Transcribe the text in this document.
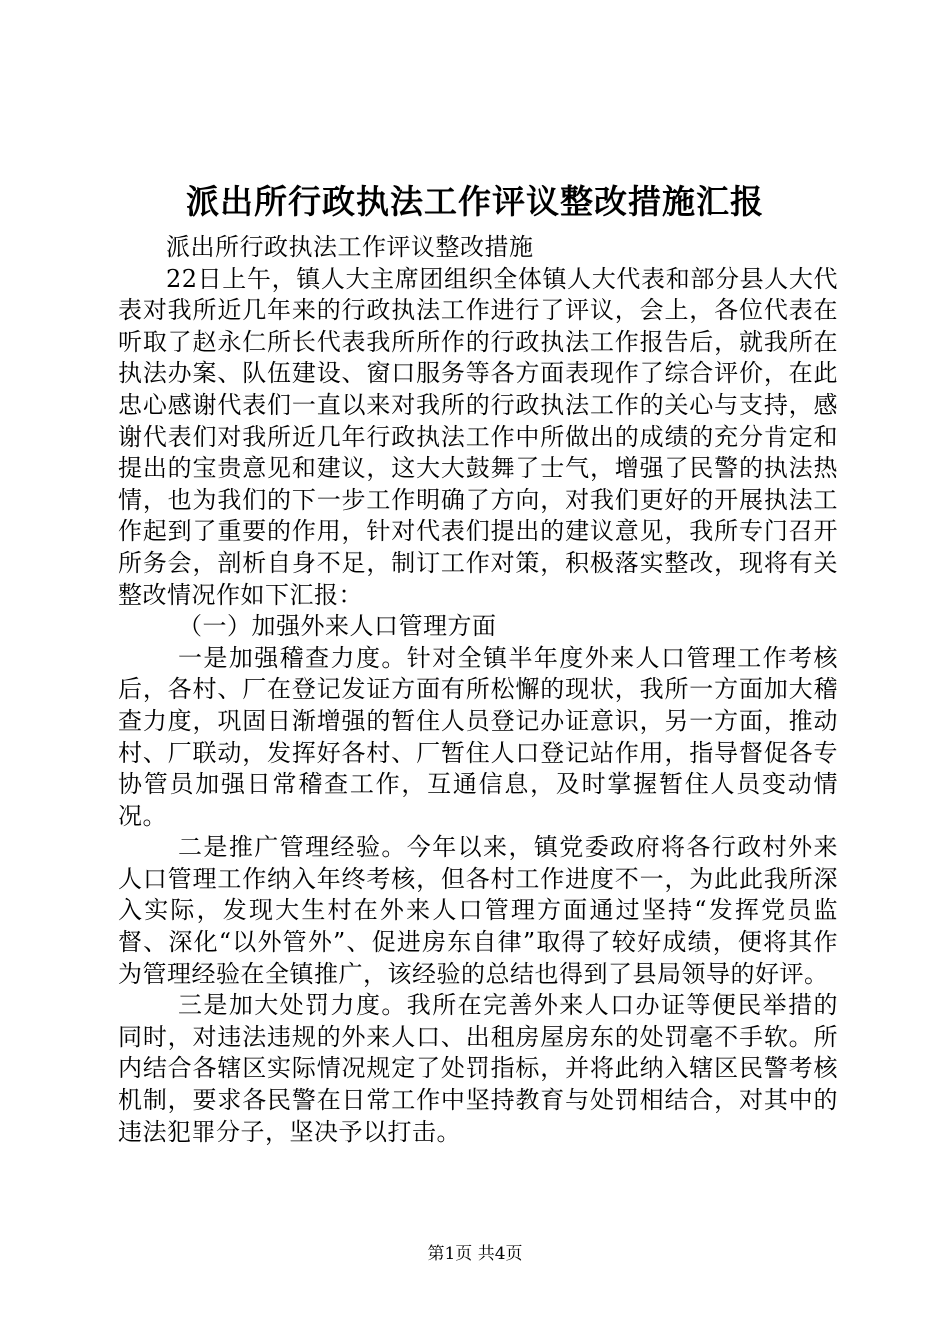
派出所行政执法工作评议整改措施汇报

派出所行政执法工作评议整改措施

22日上午，镇人大主席团组织全体镇人大代表和部分县人大代表对我所近几年来的行政执法工作进行了评议，会上，各位代表在听取了赵永仁所长代表我所所作的行政执法工作报告后，就我所在执法办案、队伍建设、窗口服务等各方面表现作了综合评价，在此忠心感谢代表们一直以来对我所的行政执法工作的关心与支持，感谢代表们对我所近几年行政执法工作中所做出的成绩的充分肯定和提出的宝贵意见和建议，这大大鼓舞了士气，增强了民警的执法热情，也为我们的下一步工作明确了方向，对我们更好的开展执法工作起到了重要的作用，针对代表们提出的建议意见，我所专门召开所务会，剖析自身不足，制订工作对策，积极落实整改，现将有关整改情况作如下汇报：

（一）加强外来人口管理方面

一是加强稽查力度。针对全镇半年度外来人口管理工作考核后，各村、厂在登记发证方面有所松懈的现状，我所一方面加大稽查力度，巩固日渐增强的暂住人员登记办证意识，另一方面，推动村、厂联动，发挥好各村、厂暂住人口登记站作用，指导督促各专协管员加强日常稽查工作，互通信息，及时掌握暂住人员变动情况。

二是推广管理经验。今年以来，镇党委政府将各行政村外来人口管理工作纳入年终考核，但各村工作进度不一，为此此我所深入实际，发现大生村在外来人口管理方面通过坚持“发挥党员监督、深化“以外管外”、促进房东自律”取得了较好成绩，便将其作为管理经验在全镇推广，该经验的总结也得到了县局领导的好评。

三是加大处罚力度。我所在完善外来人口办证等便民举措的同时，对违法违规的外来人口、出租房屋房东的处罚毫不手软。所内结合各辖区实际情况规定了处罚指标，并将此纳入辖区民警考核机制，要求各民警在日常工作中坚持教育与处罚相结合，对其中的违法犯罪分子，坚决予以打击。

第1页 共4页
